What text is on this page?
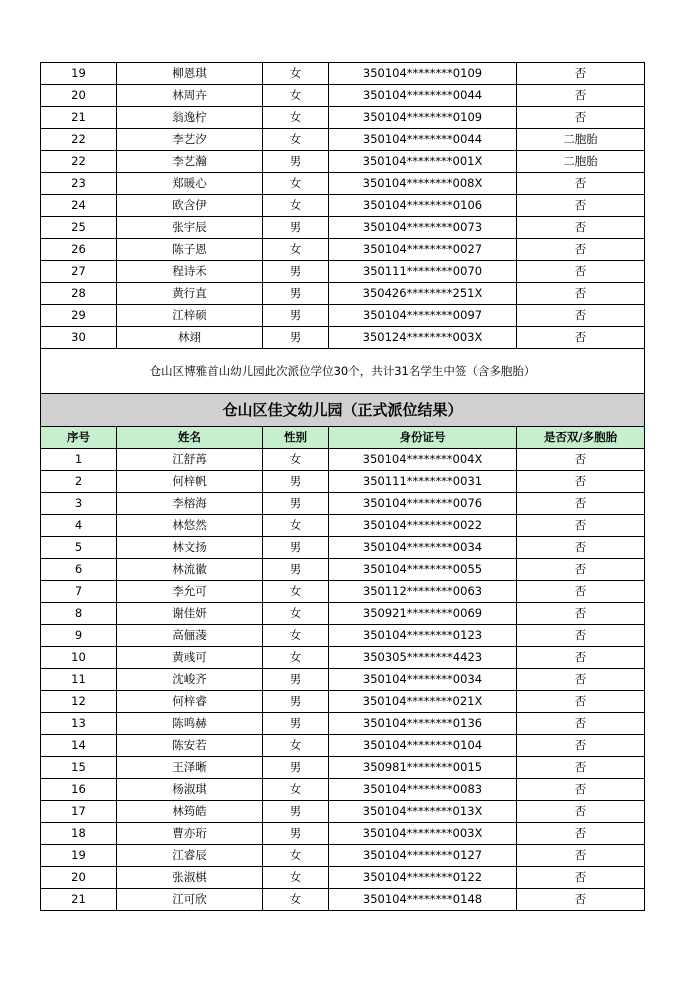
19	柳恩琪	女	350104********0109	否
20	林周卉	女	350104********0044	否
21	翁逸柠	女	350104********0109	否
22	李艺汐	女	350104********0044	二胞胎
22	李艺瀚	男	350104********001X	二胞胎
23	郑暖心	女	350104********008X	否
24	欧含伊	女	350104********0106	否
25	张宇辰	男	350104********0073	否
26	陈子恩	女	350104********0027	否
27	程诗禾	男	350111********0070	否
28	黄行直	男	350426********251X	否
29	江梓硕	男	350104********0097	否
30	林翊	男	350124********003X	否
仓山区博雅首山幼儿园此次派位学位30个，共计31名学生中签（含多胞胎）				
仓山区佳文幼儿园（正式派位结果）				
序号	姓名	性别	身份证号	是否双/多胞胎
1	江舒苒	女	350104********004X	否
2	何梓帆	男	350111********0031	否
3	李榕海	男	350104********0076	否
4	林悠然	女	350104********0022	否
5	林文扬	男	350104********0034	否
6	林流徽	男	350104********0055	否
7	李允可	女	350112********0063	否
8	谢佳妍	女	350921********0069	否
9	高俪蓤	女	350104********0123	否
10	黄彧可	女	350305********4423	否
11	沈峻齐	男	350104********0034	否
12	何梓睿	男	350104********021X	否
13	陈鸣赫	男	350104********0136	否
14	陈安若	女	350104********0104	否
15	王泽晰	男	350981********0015	否
16	杨淑琪	女	350104********0083	否
17	林筠皓	男	350104********013X	否
18	曹亦珩	男	350104********003X	否
19	江睿辰	女	350104********0127	否
20	张淑棋	女	350104********0122	否
21	江可欣	女	350104********0148	否
